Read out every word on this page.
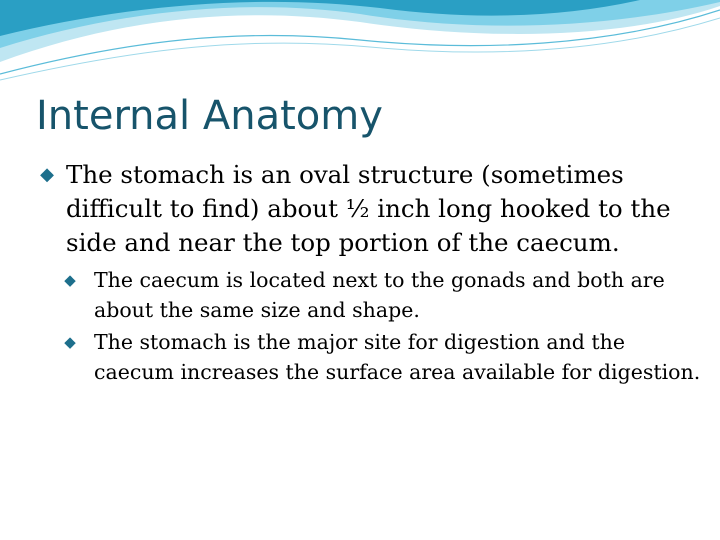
Internal Anatomy
◆ The stomach is an oval structure (sometimes difficult to find) about ½ inch long hooked to the side and near the top portion of the caecum.
◆ The caecum is located next to the gonads and both are about the same size and shape.
◆ The stomach is the major site for digestion and the caecum increases the surface area available for digestion.
